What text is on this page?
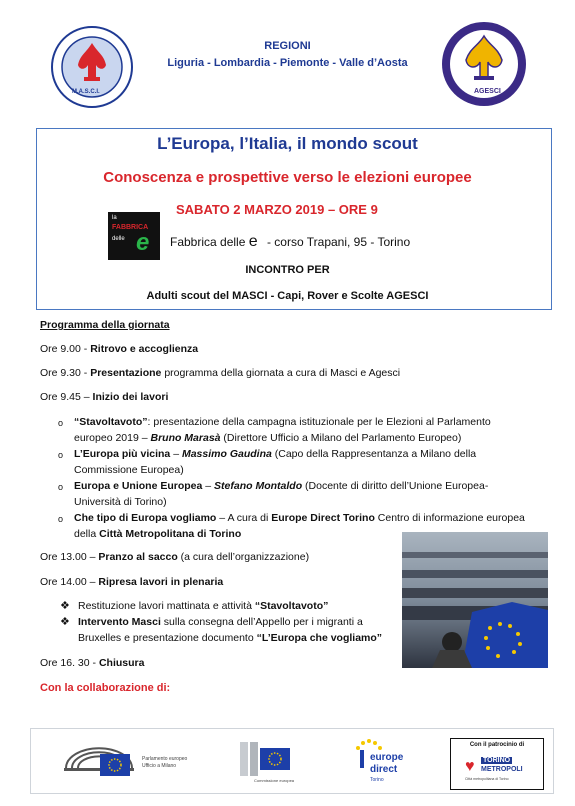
M.A.S.C.I.
REGIONI
Liguria - Lombardia - Piemonte - Valle d’Aosta
AGESCI
L’Europa, l’Italia, il mondo scout
Conoscenza e prospettive verso le elezioni europee
SABATO 2 MARZO 2019 – ORE 9
la
FABBRICA
delle e Fabbrica delle e - corso Trapani, 95 - Torino
INCONTRO PER
Adulti scout del MASCI - Capi, Rover e Scolte AGESCI
Programma della giornata
Ore 9.00 - Ritrovo e accoglienza
Ore 9.30 - Presentazione programma della giornata a cura di Masci e Agesci
Ore 9.45 – Inizio dei lavori
o “Stavoltavoto”: presentazione della campagna istituzionale per le Elezioni al Parlamento
europeo 2019 – Bruno Marasà (Direttore Ufficio a Milano del Parlamento Europeo)
o L’Europa più vicina – Massimo Gaudina (Capo della Rappresentanza a Milano della
Commissione Europea)
o Europa e Unione Europea – Stefano Montaldo (Docente di diritto dell’Unione Europea-
Università di Torino)
o Che tipo di Europa vogliamo – A cura di Europe Direct Torino Centro di informazione europea
della Città Metropolitana di Torino
Ore 13.00 – Pranzo al sacco (a cura dell’organizzazione)
Ore 14.00 – Ripresa lavori in plenaria
❖ Restituzione lavori mattinata e attività “Stavoltavoto”
❖ Intervento Masci sulla consegna dell’Appello per i migranti a
Bruxelles e presentazione documento “L’Europa che vogliamo”
Ore 16. 30 - Chiusura
Con la collaborazione di:
Parlamento europeo
Ufficio a Milano
Commissione europea
europe
direct
Torino
Con il patrocinio di
♥ TORINO
METROPOLI
Città metropolitana di Torino
